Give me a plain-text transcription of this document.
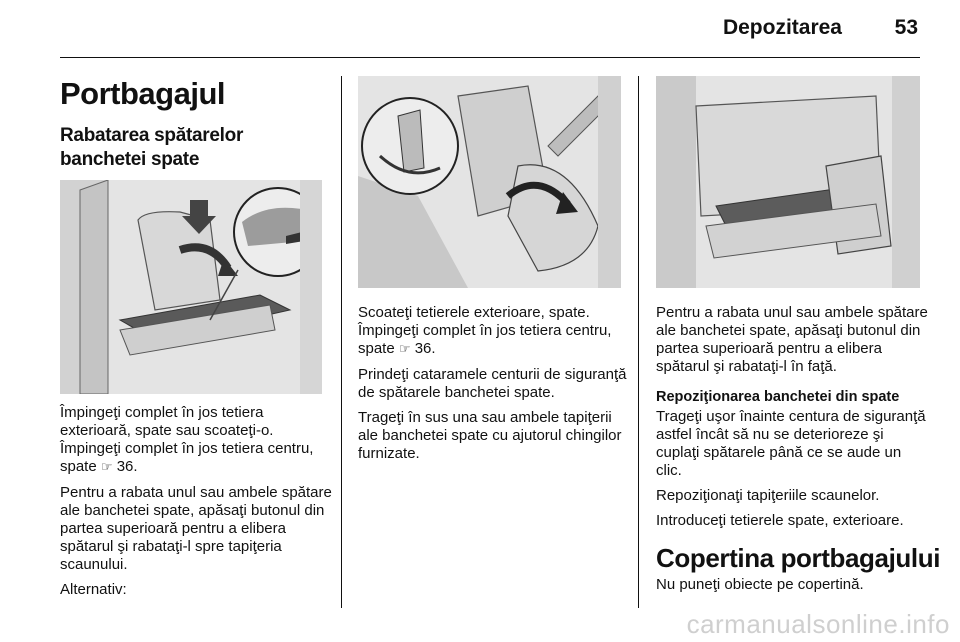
Depozitarea	53
Portbagajul
Rabatarea spătarelor banchetei spate

Împingeţi complet în jos tetiera exterioară, spate sau scoateţi-o. Împingeţi complet în jos tetiera centru, spate ☞ 36.

Pentru a rabata unul sau ambele spătare ale banchetei spate, apăsaţi butonul din partea superioară pentru a elibera spătarul şi rabataţi-l spre tapiţeria scaunului.

Alternativ:

Scoateţi tetierele exterioare, spate. Împingeţi complet în jos tetiera centru, spate ☞ 36.

Prindeţi cataramele centurii de siguranţă de spătarele banchetei spate.

Trageţi în sus una sau ambele tapiţerii ale banchetei spate cu ajutorul chingilor furnizate.

Pentru a rabata unul sau ambele spătare ale banchetei spate, apăsaţi butonul din partea superioară pentru a elibera spătarul şi rabataţi-l în faţă.

Repoziţionarea banchetei din spate

Trageţi uşor înainte centura de siguranţă astfel încât să nu se deterioreze şi cuplaţi spătarele până ce se aude un clic.

Repoziţionaţi tapiţeriile scaunelor.

Introduceţi tetierele spate, exterioare.

Copertina portbagajului
Nu puneţi obiecte pe copertină.
carmanualsonline.info
